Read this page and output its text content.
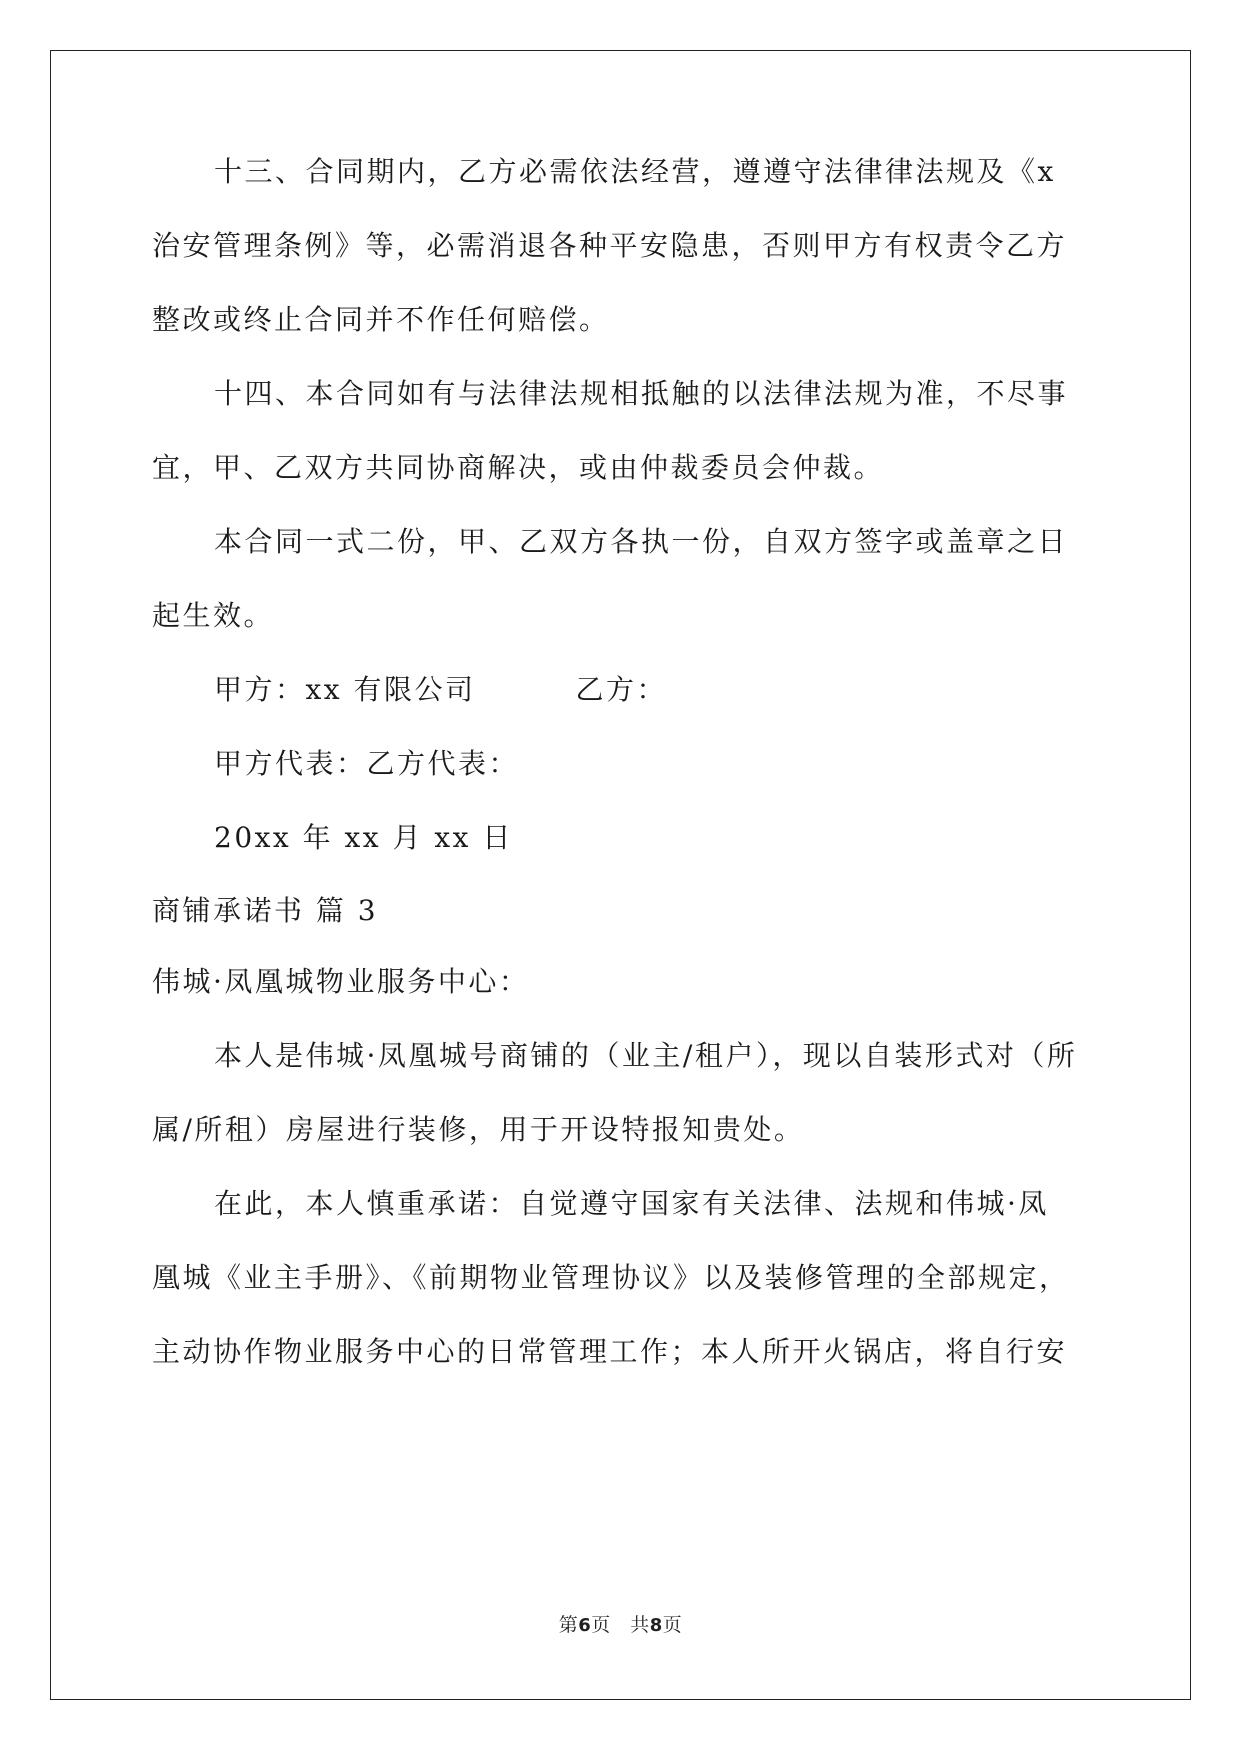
十三、合同期内，乙方必需依法经营，遵遵守法律律法规及《x
治安管理条例》等，必需消退各种平安隐患，否则甲方有权责令乙方
整改或终止合同并不作任何赔偿。
十四、本合同如有与法律法规相抵触的以法律法规为准，不尽事
宜，甲、乙双方共同协商解决，或由仲裁委员会仲裁。
本合同一式二份，甲、乙双方各执一份，自双方签字或盖章之日
起生效。
甲方：xx 有限公司	乙方：
甲方代表：乙方代表：
20xx 年 xx 月 xx 日
商铺承诺书 篇 3
伟城·凤凰城物业服务中心：
本人是伟城·凤凰城号商铺的（业主/租户），现以自装形式对（所
属/所租）房屋进行装修，用于开设特报知贵处。
在此，本人慎重承诺：自觉遵守国家有关法律、法规和伟城·凤
凰城《业主手册》、《前期物业管理协议》以及装修管理的全部规定，
主动协作物业服务中心的日常管理工作；本人所开火锅店，将自行安
第6页　共8页
